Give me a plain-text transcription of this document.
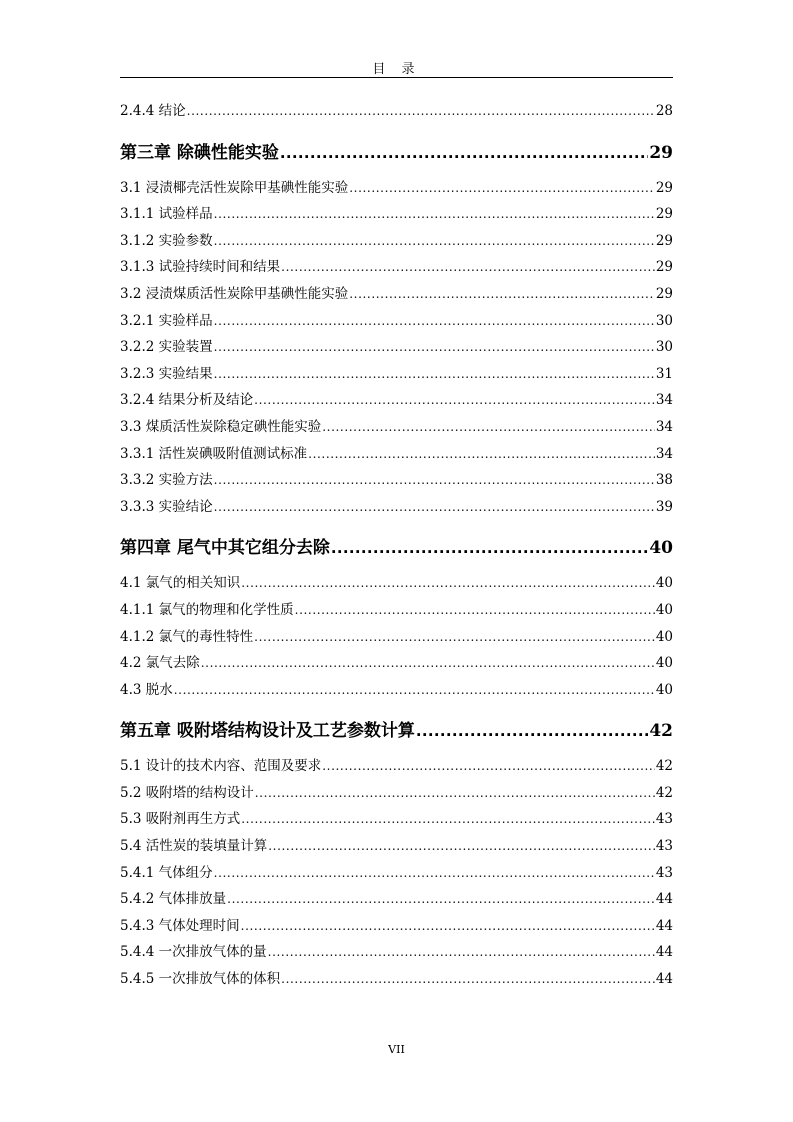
目 录
2.4.4 结论 .....	28
第三章 除碘性能实验 .....	29
3.1 浸渍椰壳活性炭除甲基碘性能实验 .....	29
3.1.1 试验样品 .....	29
3.1.2 实验参数 .....	29
3.1.3 试验持续时间和结果 .....	29
3.2 浸渍煤质活性炭除甲基碘性能实验 .....	29
3.2.1 实验样品 .....	30
3.2.2 实验装置 .....	30
3.2.3 实验结果 .....	31
3.2.4 结果分析及结论 .....	34
3.3 煤质活性炭除稳定碘性能实验 .....	34
3.3.1 活性炭碘吸附值测试标准 .....	34
3.3.2 实验方法 .....	38
3.3.3 实验结论 .....	39
第四章 尾气中其它组分去除 .....	40
4.1 氯气的相关知识 .....	40
4.1.1 氯气的物理和化学性质 .....	40
4.1.2 氯气的毒性特性 .....	40
4.2 氯气去除 .....	40
4.3 脱水 .....	40
第五章 吸附塔结构设计及工艺参数计算 .....	42
5.1 设计的技术内容、范围及要求 .....	42
5.2 吸附塔的结构设计 .....	42
5.3 吸附剂再生方式 .....	43
5.4 活性炭的装填量计算 .....	43
5.4.1 气体组分 .....	43
5.4.2 气体排放量 .....	44
5.4.3 气体处理时间 .....	44
5.4.4 一次排放气体的量 .....	44
5.4.5 一次排放气体的体积 .....	44
VII
